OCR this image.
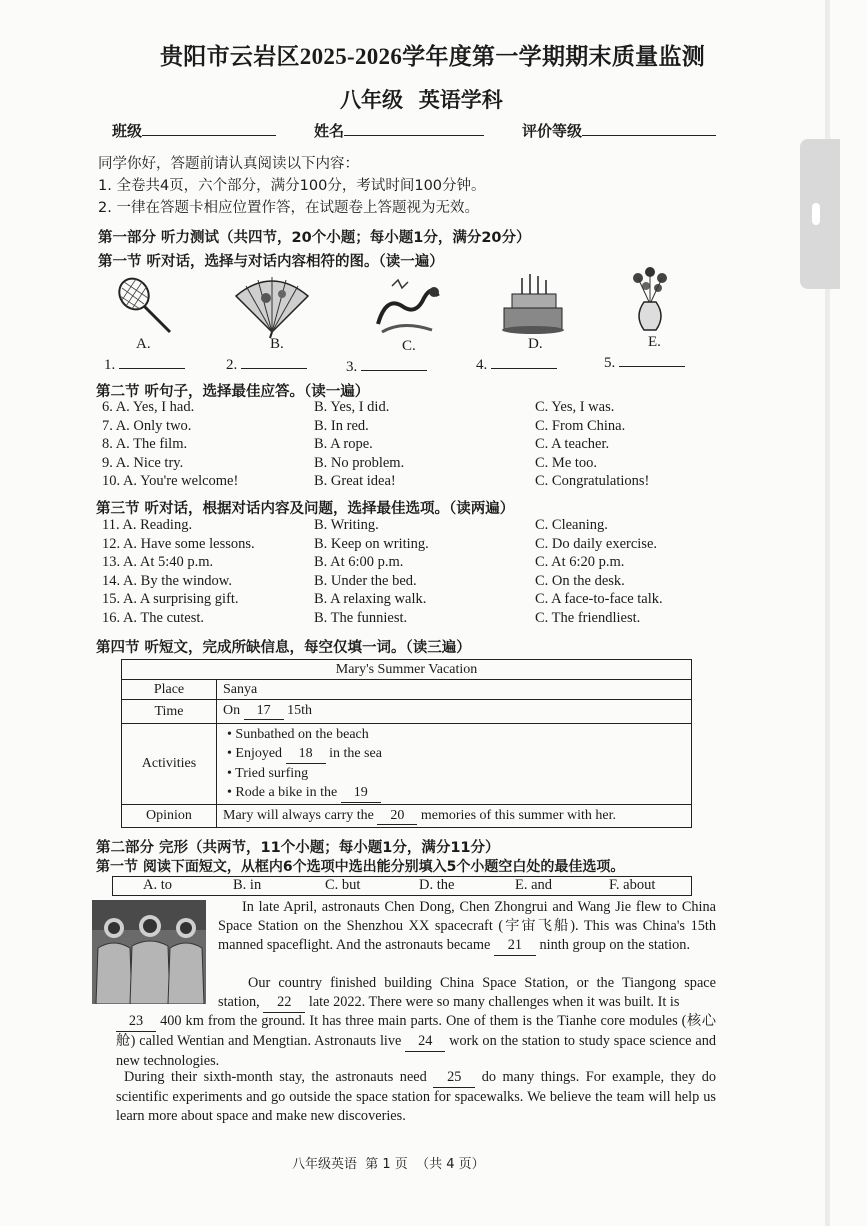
贵阳市云岩区2025-2026学年度第一学期期末质量监测
八年级   英语学科
班级	姓名	评价等级
同学你好，答题前请认真阅读以下内容：
1. 全卷共4页，六个部分，满分100分，考试时间100分钟。
2. 一律在答题卡相应位置作答，在试题卷上答题视为无效。
第一部分 听力测试（共四节，20个小题；每小题1分，满分20分）
第一节 听对话，选择与对话内容相符的图。（读一遍）
A.	B.	C.	D.	E.
1.	2.	3.	4.	5.
第二节 听句子，选择最佳应答。（读一遍）
第三节 听对话，根据对话内容及问题，选择最佳选项。（读两遍）
第四节 听短文，完成所缺信息，每空仅填一词。（读三遍）
Mary's Summer Vacation	
Place	Sanya
Time	On 17 15th
Activities	• Sunbathed on the beach
• Enjoyed 18 in the sea
• Tried surfing
• Rode a bike in the 19

Opinion	Mary will always carry the 20 memories of this summer with her.
第二部分 完形（共两节，11个小题；每小题1分，满分11分）
第一节 阅读下面短文，从框内6个选项中选出能分别填入5个小题空白处的最佳选项。
A. to	B. in	C. but	D. the	E. and	F. about
In late April, astronauts Chen Dong, Chen Zhongrui and Wang Jie flew to China Space Station on the Shenzhou XX spacecraft (宇宙飞船). This was China's 15th manned spaceflight. And the astronauts became 21 ninth group on the station.
Our country finished building China Space Station, or the Tiangong space station, 22 late 2022. There were so many challenges when it was built. It is
23 400 km from the ground. It has three main parts. One of them is the Tianhe core modules (核心舱) called Wentian and Mengtian. Astronauts live 24 work on the station to study space science and new technologies.
During their sixth-month stay, the astronauts need 25 do many things. For example, they do scientific experiments and go outside the space station for spacewalks. We believe the team will help us learn more about space and make new discoveries.
八年级英语  第 1 页  （共 4 页）
6. A. Yes, I had.	B. Yes, I did.	C. Yes, I was.
7. A. Only two.	B. In red.	C. From China.
8. A. The film.	B. A rope.	C. A teacher.
9. A. Nice try.	B. No problem.	C. Me too.
10. A. You're welcome!	B. Great idea!	C. Congratulations!
11. A. Reading.	B. Writing.	C. Cleaning.
12. A. Have some lessons.	B. Keep on writing.	C. Do daily exercise.
13. A. At 5:40 p.m.	B. At 6:00 p.m.	C. At 6:20 p.m.
14. A. By the window.	B. Under the bed.	C. On the desk.
15. A. A surprising gift.	B. A relaxing walk.	C. A face-to-face talk.
16. A. The cutest.	B. The funniest.	C. The friendliest.
